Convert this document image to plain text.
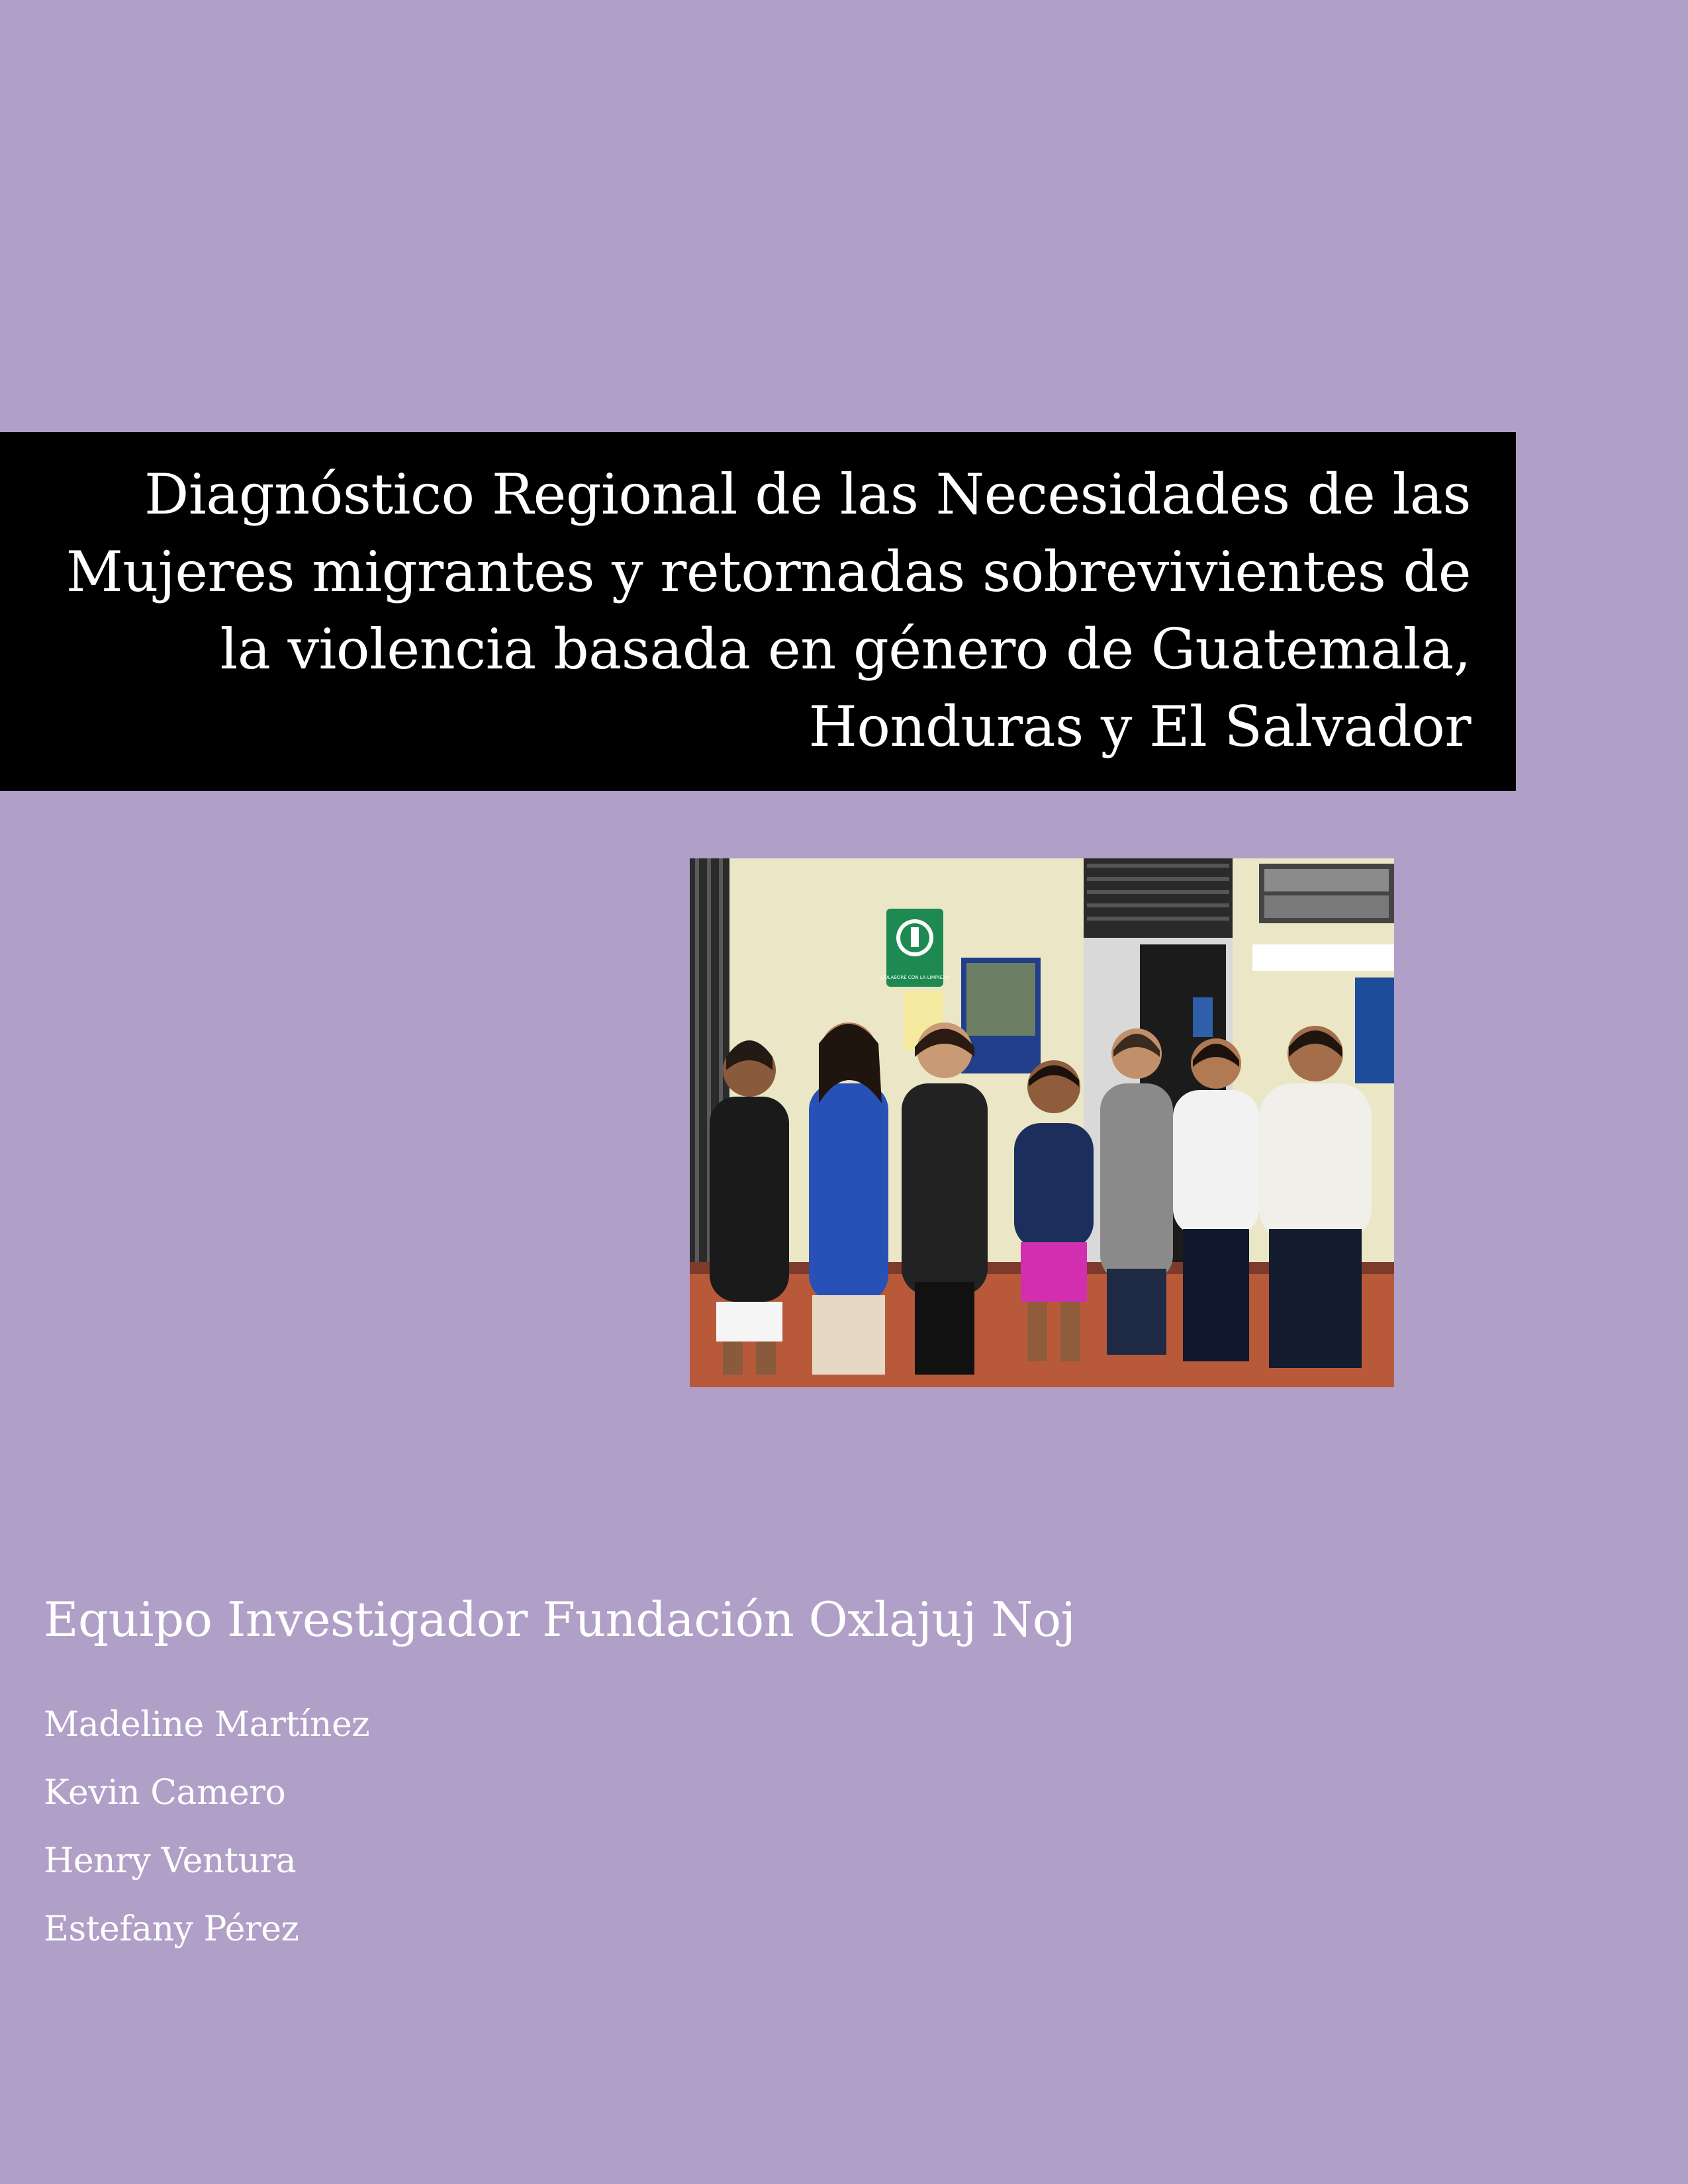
Diagnóstico Regional de las Necesidades de las
Mujeres migrantes y retornadas sobrevivientes de
la violencia basada en género de Guatemala,
Honduras y El Salvador
COLABORE CON LA LIMPIEZA
Equipo Investigador Fundación Oxlajuj Noj
Madeline Martínez
Kevin Camero
Henry Ventura
Estefany Pérez
